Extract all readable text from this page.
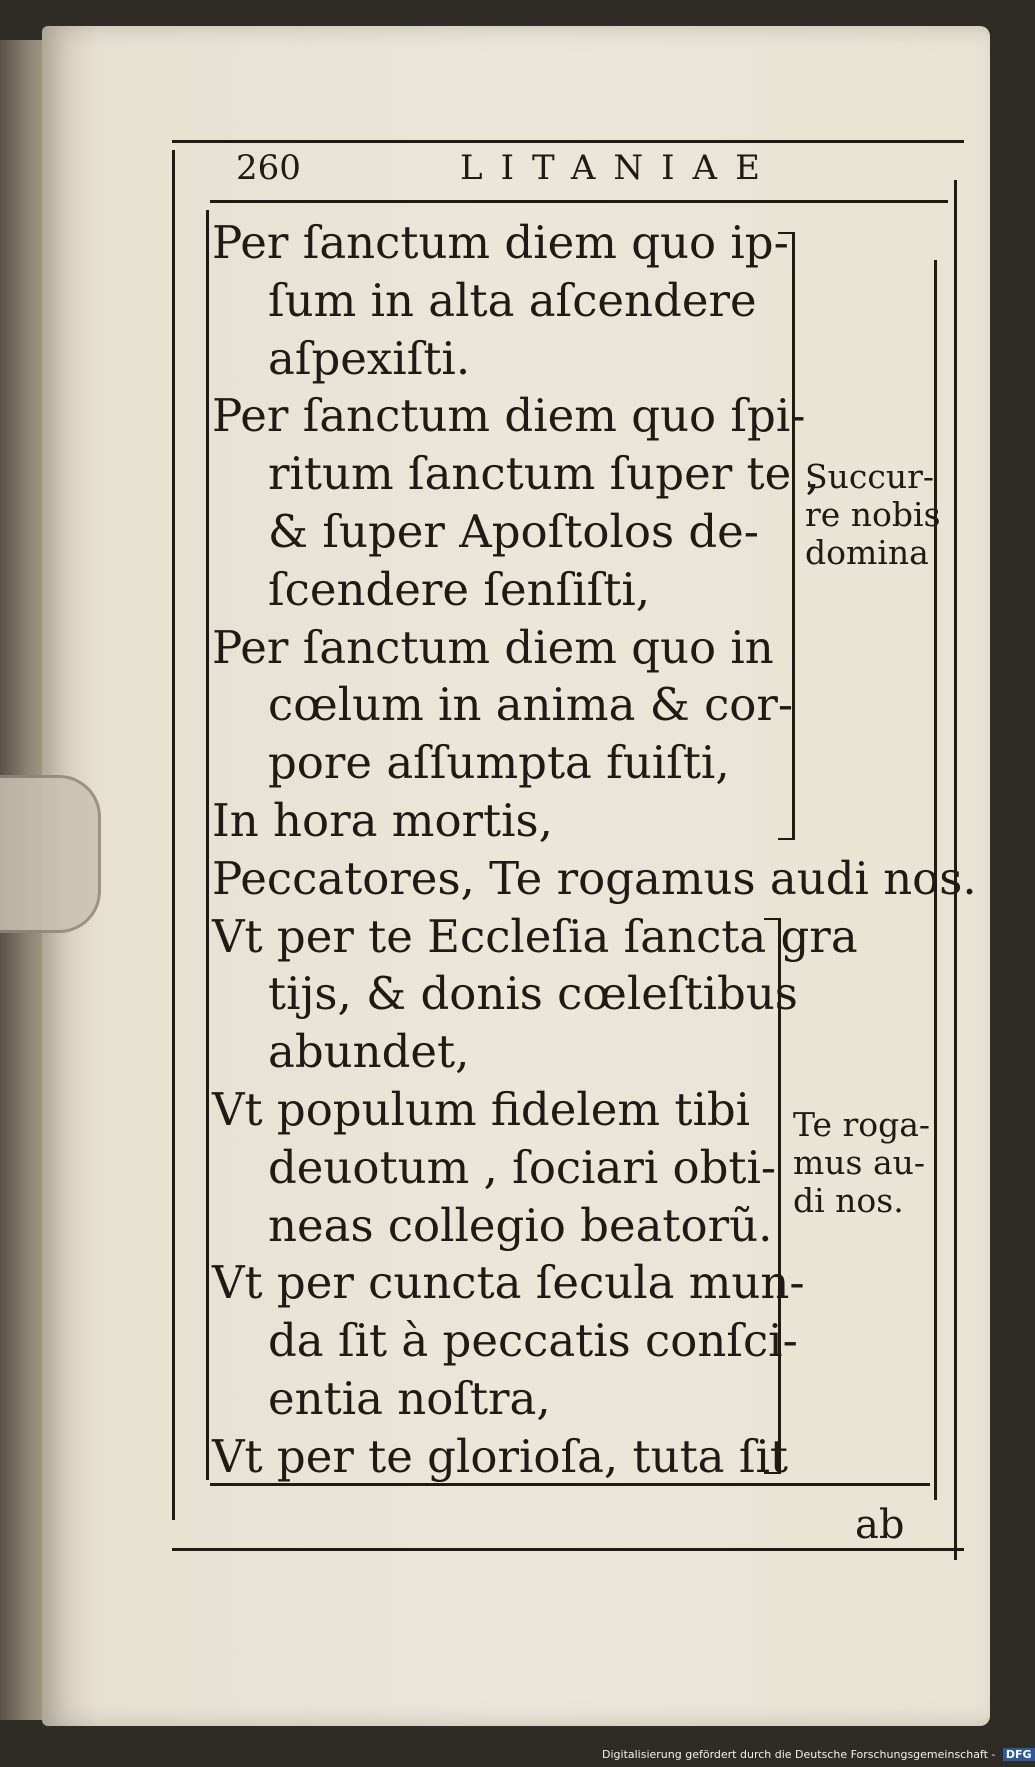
260	LITANIAE
Per ſanctum diem quo ip-
ſum in alta aſcendere
aſpexiſti.
Per ſanctum diem quo ſpi-
ritum ſanctum ſuper te ,
& ſuper Apoſtolos de-
ſcendere ſenſiſti,
Per ſanctum diem quo in
cœlum in anima & cor-
pore aſſumpta fuiſti,
In hora mortis,
Peccatores, Te rogamus audi nos.
Vt per te Eccleſia ſancta gra
tijs, & donis cœleſtibus
abundet,
Vt populum fidelem tibi
deuotum , ſociari obti-
neas collegio beatorũ.
Vt per cuncta ſecula mun-
da ſit à peccatis conſci-
entia noſtra,
Vt per te glorioſa, tuta ſit
Succur-
re nobis
domina
Te roga-
mus au-
di nos.
ab
Digitalisierung gefördert durch die Deutsche Forschungsgemeinschaft - DFG
